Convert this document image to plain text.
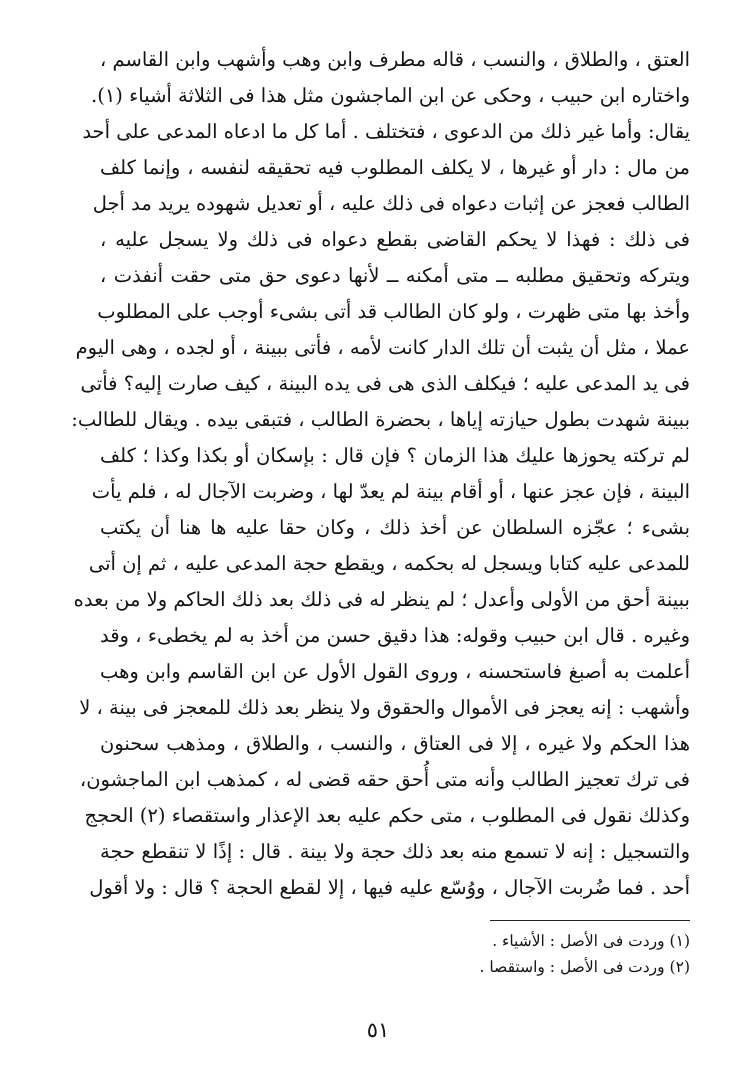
العتق ، والطلاق ، والنسب ، قاله مطرف وابن وهب وأشهب وابن القاسم ،
واختاره ابن حبيب ، وحكى عن ابن الماجشون مثل هذا فى الثلاثة أشياء (١).
يقال: وأما غير ذلك من الدعوى ، فتختلف . أما كل ما ادعاه المدعى على أحد
من مال : دار أو غيرها ، لا يكلف المطلوب فيه تحقيقه لنفسه ، وإنما كلف
الطالب فعجز عن إثبات دعواه فى ذلك عليه ، أو تعديل شهوده يريد مد أجل
فى ذلك : فهذا لا يحكم القاضى بقطع دعواه فى ذلك ولا يسجل عليه ،
ويتركه وتحقيق مطلبه ــ متى أمكنه ــ لأنها دعوى حق متى حقت أنفذت ،
وأخذ بها متى ظهرت ، ولو كان الطالب قد أتى بشىء أوجب على المطلوب
عملا ، مثل أن يثبت أن تلك الدار كانت لأمه ، فأتى ببينة ، أو لجده ، وهى اليوم
فى يد المدعى عليه ؛ فيكلف الذى هى فى يده البينة ، كيف صارت إليه؟ فأتى
ببينة شهدت بطول حيازته إياها ، بحضرة الطالب ، فتبقى بيده . ويقال للطالب:
لم تركته يحوزها عليك هذا الزمان ؟ فإن قال : بإسكان أو بكذا وكذا ؛ كلف
البينة ، فإن عجز عنها ، أو أقام بينة لم يعدّ لها ، وضربت الآجال له ، فلم يأت
بشىء ؛ عجّزه السلطان عن أخذ ذلك ، وكان حقا عليه ها هنا أن يكتب
للمدعى عليه كتابا ويسجل له بحكمه ، ويقطع حجة المدعى عليه ، ثم إن أتى
ببينة أحق من الأولى وأعدل ؛ لم ينظر له فى ذلك بعد ذلك الحاكم ولا من بعده
وغيره . قال ابن حبيب وقوله: هذا دقيق حسن من أخذ به لم يخطىء ، وقد
أعلمت به أصبغ فاستحسنه ، وروى القول الأول عن ابن القاسم وابن وهب
وأشهب : إنه يعجز فى الأموال والحقوق ولا ينظر بعد ذلك للمعجز فى بينة ، لا
هذا الحكم ولا غيره ، إلا فى العتاق ، والنسب ، والطلاق ، ومذهب سحنون
فى ترك تعجيز الطالب وأنه متى أُحق حقه قضى له ، كمذهب ابن الماجشون،
وكذلك نقول فى المطلوب ، متى حكم عليه بعد الإعذار واستقصاء (٢) الحجج
والتسجيل : إنه لا تسمع منه بعد ذلك حجة ولا بينة . قال : إذًا لا تنقطع حجة
أحد . فما ضُربت الآجال ، ووُسّع عليه فيها ، إلا لقطع الحجة ؟ قال : ولا أقول
(١) وردت فى الأصل : الأشياء .
(٢) وردت فى الأصل : واستقصا .
٥١
